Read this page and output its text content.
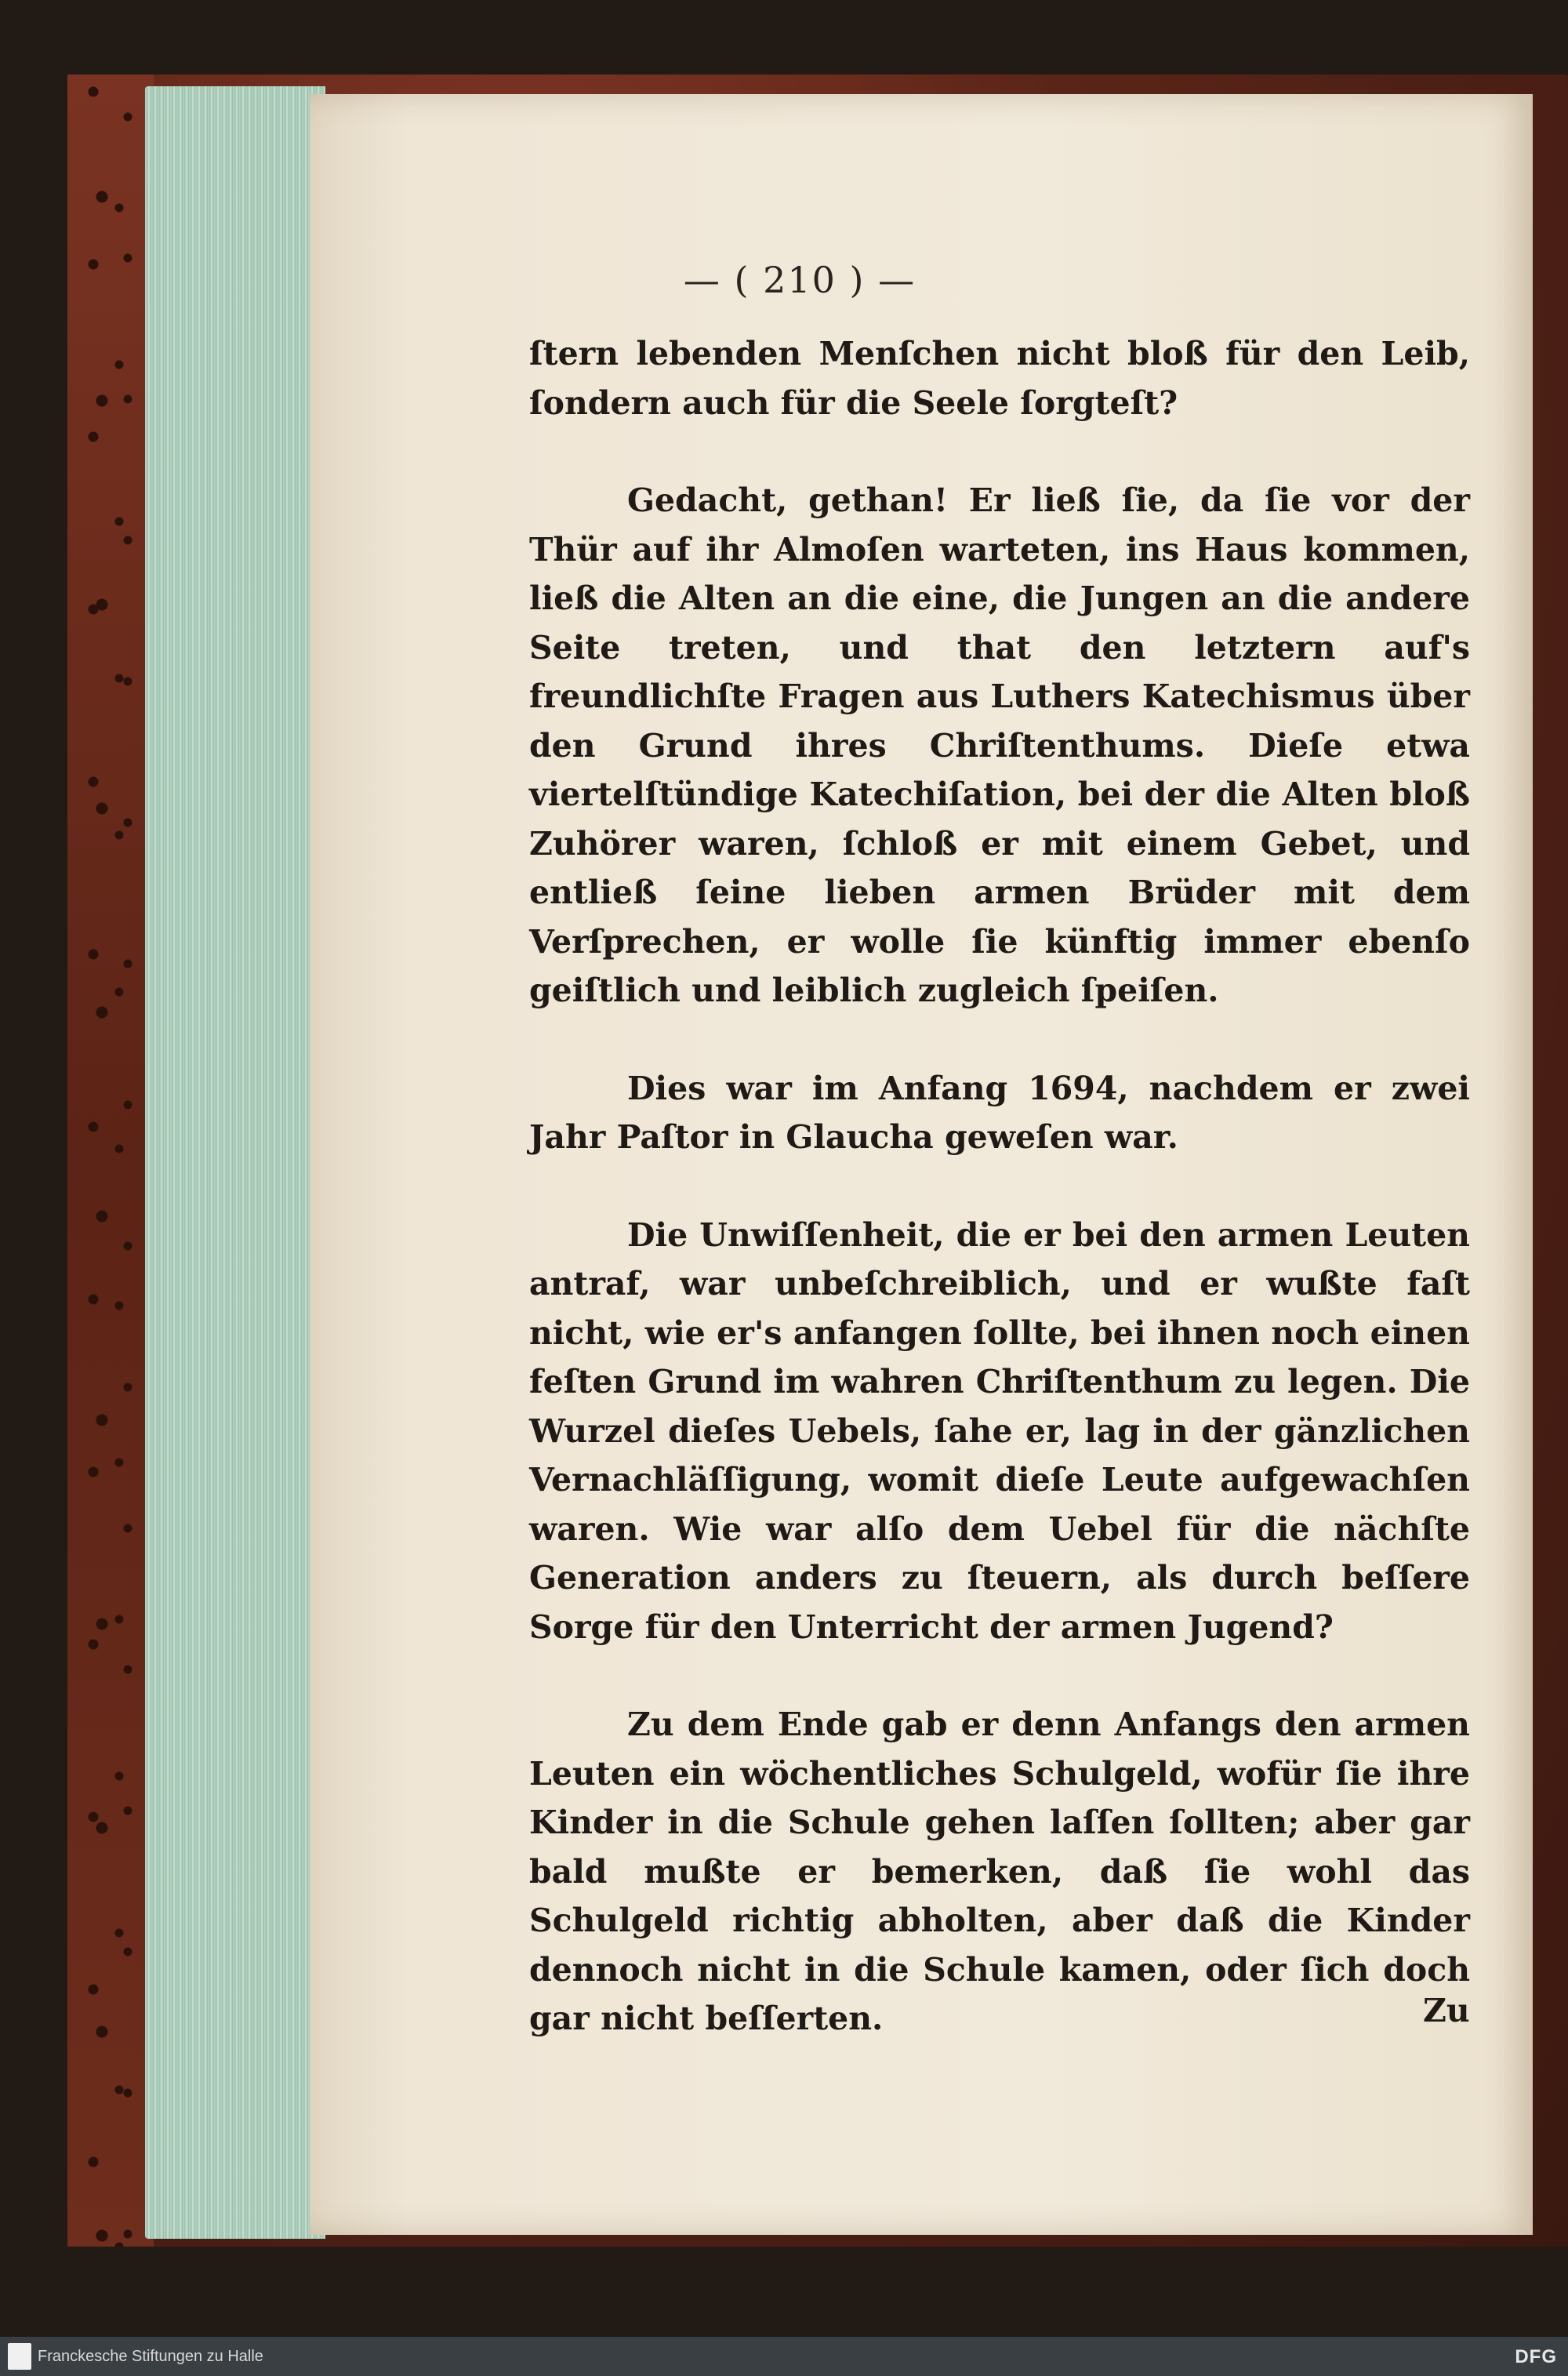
— ( 210 ) —

ſtern lebenden Menſchen nicht bloß für den Leib, ſondern auch für die Seele ſorgteſt?

Gedacht, gethan! Er ließ ſie, da ſie vor der Thür auf ihr Almoſen warteten, ins Haus kommen, ließ die Alten an die eine, die Jungen an die andere Seite treten, und that den letztern auf's freundlichſte Fragen aus Luthers Katechismus über den Grund ihres Chriſtenthums. Dieſe etwa viertelſtündige Katechiſation, bei der die Alten bloß Zuhörer waren, ſchloß er mit einem Gebet, und entließ ſeine lieben armen Brüder mit dem Verſprechen, er wolle ſie künftig immer ebenſo geiſtlich und leiblich zugleich ſpeiſen.

Dies war im Anfang 1694, nachdem er zwei Jahr Paſtor in Glaucha geweſen war.

Die Unwiſſenheit, die er bei den armen Leuten antraf, war unbeſchreiblich, und er wußte faſt nicht, wie er's anfangen ſollte, bei ihnen noch einen feſten Grund im wahren Chriſtenthum zu legen. Die Wurzel dieſes Uebels, ſahe er, lag in der gänzlichen Vernachläſſigung, womit dieſe Leute aufgewachſen waren. Wie war alſo dem Uebel für die nächſte Generation anders zu ſteuern, als durch beſſere Sorge für den Unterricht der armen Jugend?

Zu dem Ende gab er denn Anfangs den armen Leuten ein wöchentliches Schulgeld, wofür ſie ihre Kinder in die Schule gehen laſſen ſollten; aber gar bald mußte er bemerken, daß ſie wohl das Schulgeld richtig abholten, aber daß die Kinder dennoch nicht in die Schule kamen, oder ſich doch gar nicht beſſerten.	Zu
Franckesche Stiftungen zu Halle	DFG
